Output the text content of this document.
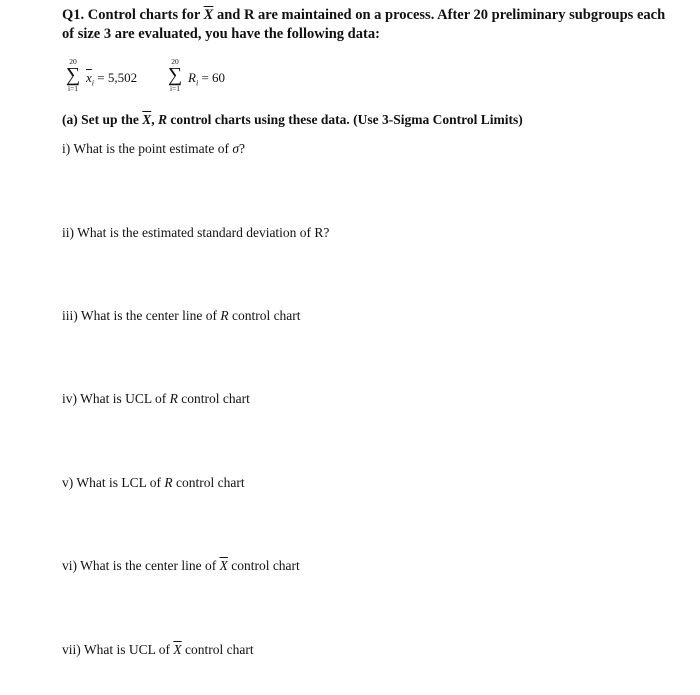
Q1. Control charts for $\overline{X}$ and R are maintained on a process. After 20 preliminary subgroups each
of size 3 are evaluated, you have the following data:
20
∑
i=1
$\overline{x}_i = 5,502$
20
∑
i=1
$R_i = 60$
(a) Set up the $\overline{X}$, R control charts using these data. (Use 3-Sigma Control Limits)
i) What is the point estimate of σ?
ii) What is the estimated standard deviation of R?
iii) What is the center line of R control chart
iv) What is UCL of R control chart
v) What is LCL of R control chart
vi) What is the center line of $\overline{X}$ control chart
vii) What is UCL of $\overline{X}$ control chart
